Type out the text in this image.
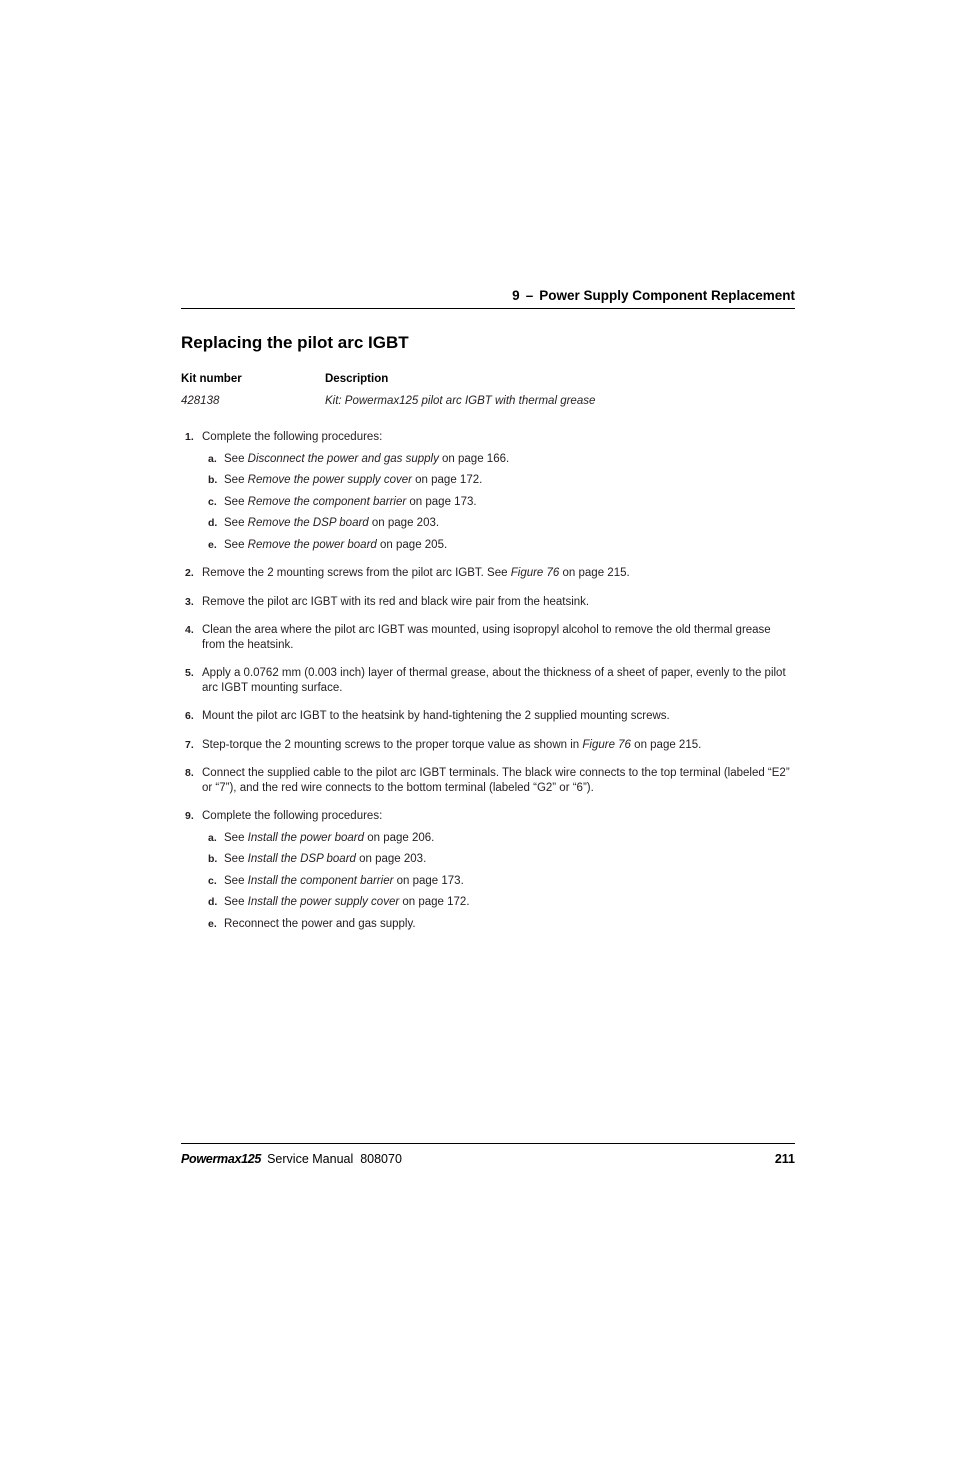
9 – Power Supply Component Replacement
Replacing the pilot arc IGBT
Kit number	Description
428138	Kit: Powermax125 pilot arc IGBT with thermal grease
1. Complete the following procedures:
a. See Disconnect the power and gas supply on page 166.
b. See Remove the power supply cover on page 172.
c. See Remove the component barrier on page 173.
d. See Remove the DSP board on page 203.
e. See Remove the power board on page 205.
2. Remove the 2 mounting screws from the pilot arc IGBT. See Figure 76 on page 215.
3. Remove the pilot arc IGBT with its red and black wire pair from the heatsink.
4. Clean the area where the pilot arc IGBT was mounted, using isopropyl alcohol to remove the old thermal grease from the heatsink.
5. Apply a 0.0762 mm (0.003 inch) layer of thermal grease, about the thickness of a sheet of paper, evenly to the pilot arc IGBT mounting surface.
6. Mount the pilot arc IGBT to the heatsink by hand-tightening the 2 supplied mounting screws.
7. Step-torque the 2 mounting screws to the proper torque value as shown in Figure 76 on page 215.
8. Connect the supplied cable to the pilot arc IGBT terminals. The black wire connects to the top terminal (labeled “E2” or “7”), and the red wire connects to the bottom terminal (labeled “G2” or “6”).
9. Complete the following procedures:
a. See Install the power board on page 206.
b. See Install the DSP board on page 203.
c. See Install the component barrier on page 173.
d. See Install the power supply cover on page 172.
e. Reconnect the power and gas supply.
Powermax125 Service Manual 808070	211
